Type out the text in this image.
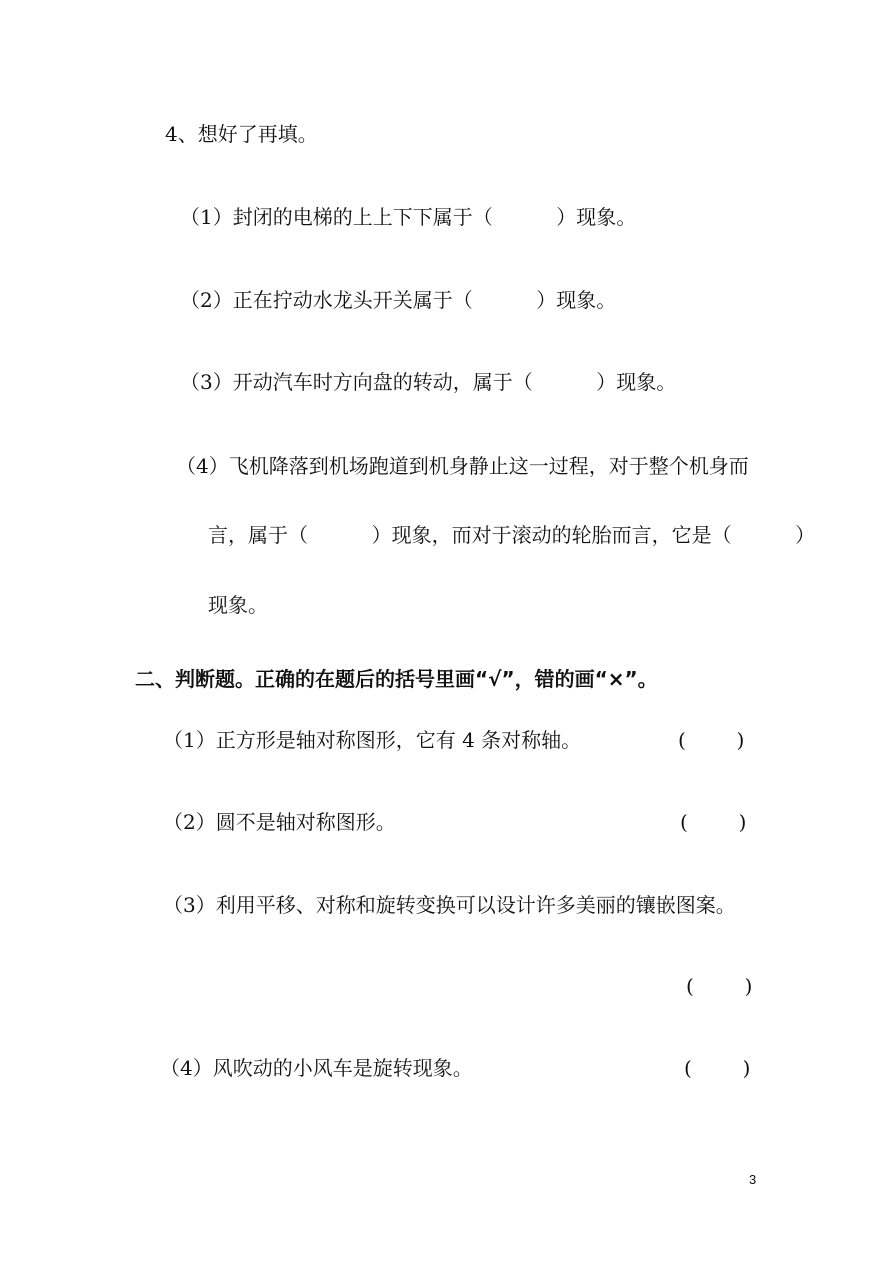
4、想好了再填。
（1）封闭的电梯的上上下下属于（          ）现象。
（2）正在拧动水龙头开关属于（          ）现象。
（3）开动汽车时方向盘的转动，属于（          ）现象。
（4）飞机降落到机场跑道到机身静止这一过程，对于整个机身而
言，属于（          ）现象，而对于滚动的轮胎而言，它是（          ）
现象。
二、判断题。正确的在题后的括号里画“√”，错的画“×”。
（1）正方形是轴对称图形，它有 4 条对称轴。	(        )
（2）圆不是轴对称图形。	(        )
（3）利用平移、对称和旋转变换可以设计许多美丽的镶嵌图案。
(        )
（4）风吹动的小风车是旋转现象。	(        )
3
